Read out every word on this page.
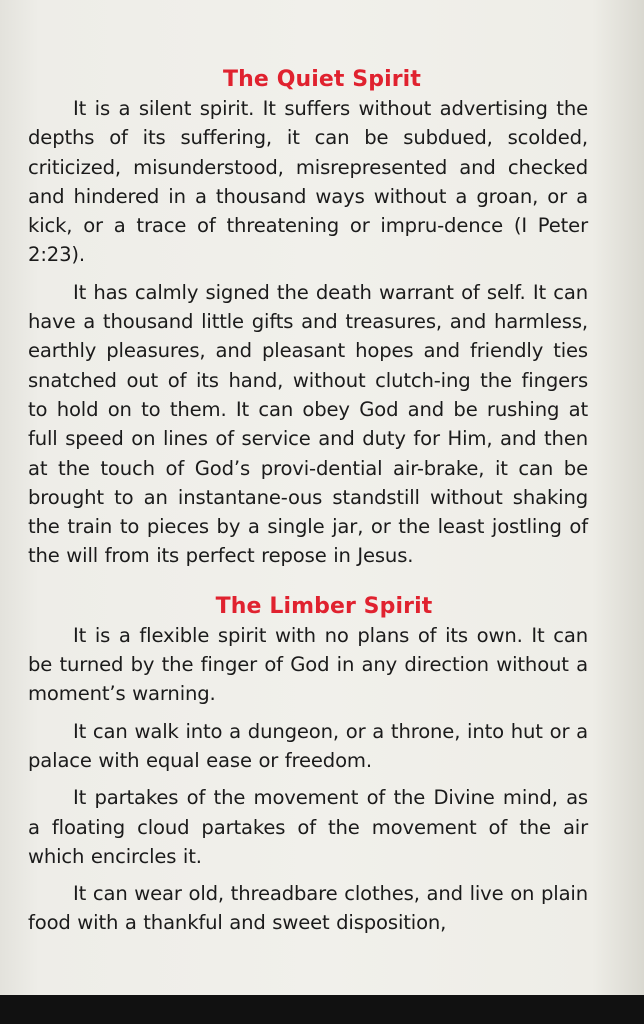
The Quiet Spirit

It is a silent spirit. It suffers without advertising the depths of its suffering, it can be subdued, scolded, criticized, misunderstood, misrepresented and checked and hindered in a thousand ways without a groan, or a kick, or a trace of threatening or impru-dence (I Peter 2:23).

It has calmly signed the death warrant of self. It can have a thousand little gifts and treasures, and harmless, earthly pleasures, and pleasant hopes and friendly ties snatched out of its hand, without clutch-ing the fingers to hold on to them. It can obey God and be rushing at full speed on lines of service and duty for Him, and then at the touch of God’s provi-dential air-brake, it can be brought to an instantane-ous standstill without shaking the train to pieces by a single jar, or the least jostling of the will from its perfect repose in Jesus.

The Limber Spirit

It is a flexible spirit with no plans of its own. It can be turned by the finger of God in any direction without a moment’s warning.

It can walk into a dungeon, or a throne, into hut or a palace with equal ease or freedom.

It partakes of the movement of the Divine mind, as a floating cloud partakes of the movement of the air which encircles it.

It can wear old, threadbare clothes, and live on plain food with a thankful and sweet disposition,
